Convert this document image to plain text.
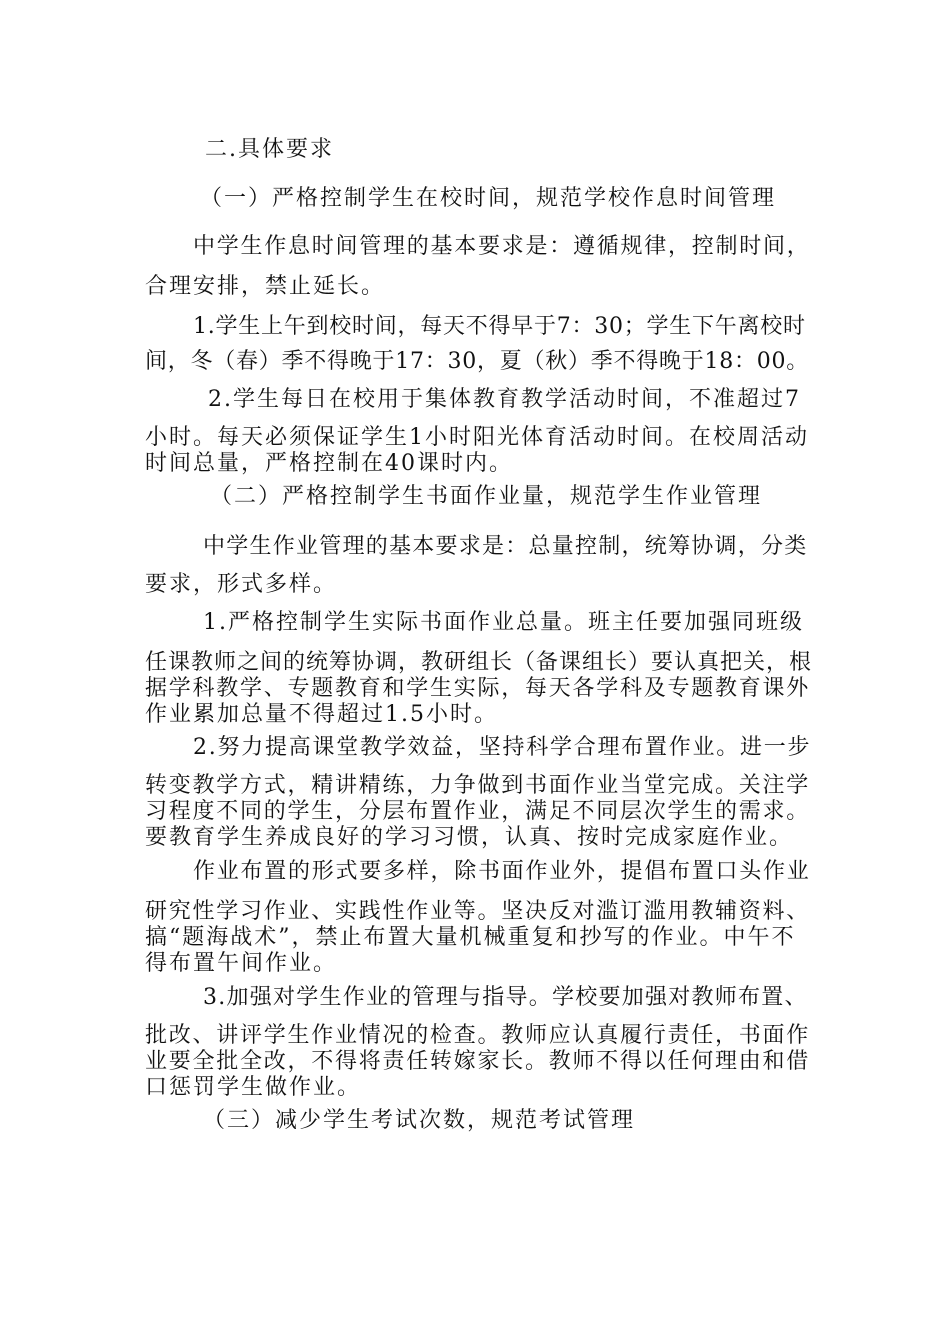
二.具体要求
（一）严格控制学生在校时间，规范学校作息时间管理
中学生作息时间管理的基本要求是：遵循规律，控制时间，
合理安排，禁止延长。
1.学生上午到校时间，每天不得早于7：30；学生下午离校时
间，冬（春）季不得晚于17：30，夏（秋）季不得晚于18：00。
2.学生每日在校用于集体教育教学活动时间，不准超过7
小时。每天必须保证学生1小时阳光体育活动时间。在校周活动
时间总量，严格控制在40课时内。
（二）严格控制学生书面作业量，规范学生作业管理
中学生作业管理的基本要求是：总量控制，统筹协调，分类
要求，形式多样。
1.严格控制学生实际书面作业总量。班主任要加强同班级
任课教师之间的统筹协调，教研组长（备课组长）要认真把关，根
据学科教学、专题教育和学生实际，每天各学科及专题教育课外
作业累加总量不得超过1.5小时。
2.努力提高课堂教学效益，坚持科学合理布置作业。进一步
转变教学方式，精讲精练，力争做到书面作业当堂完成。关注学
习程度不同的学生，分层布置作业，满足不同层次学生的需求。
要教育学生养成良好的学习习惯，认真、按时完成家庭作业。
作业布置的形式要多样，除书面作业外，提倡布置口头作业
研究性学习作业、实践性作业等。坚决反对滥订滥用教辅资料、
搞“题海战术”，禁止布置大量机械重复和抄写的作业。中午不
得布置午间作业。
3.加强对学生作业的管理与指导。学校要加强对教师布置、
批改、讲评学生作业情况的检查。教师应认真履行责任，书面作
业要全批全改，不得将责任转嫁家长。教师不得以任何理由和借
口惩罚学生做作业。
（三）减少学生考试次数，规范考试管理
